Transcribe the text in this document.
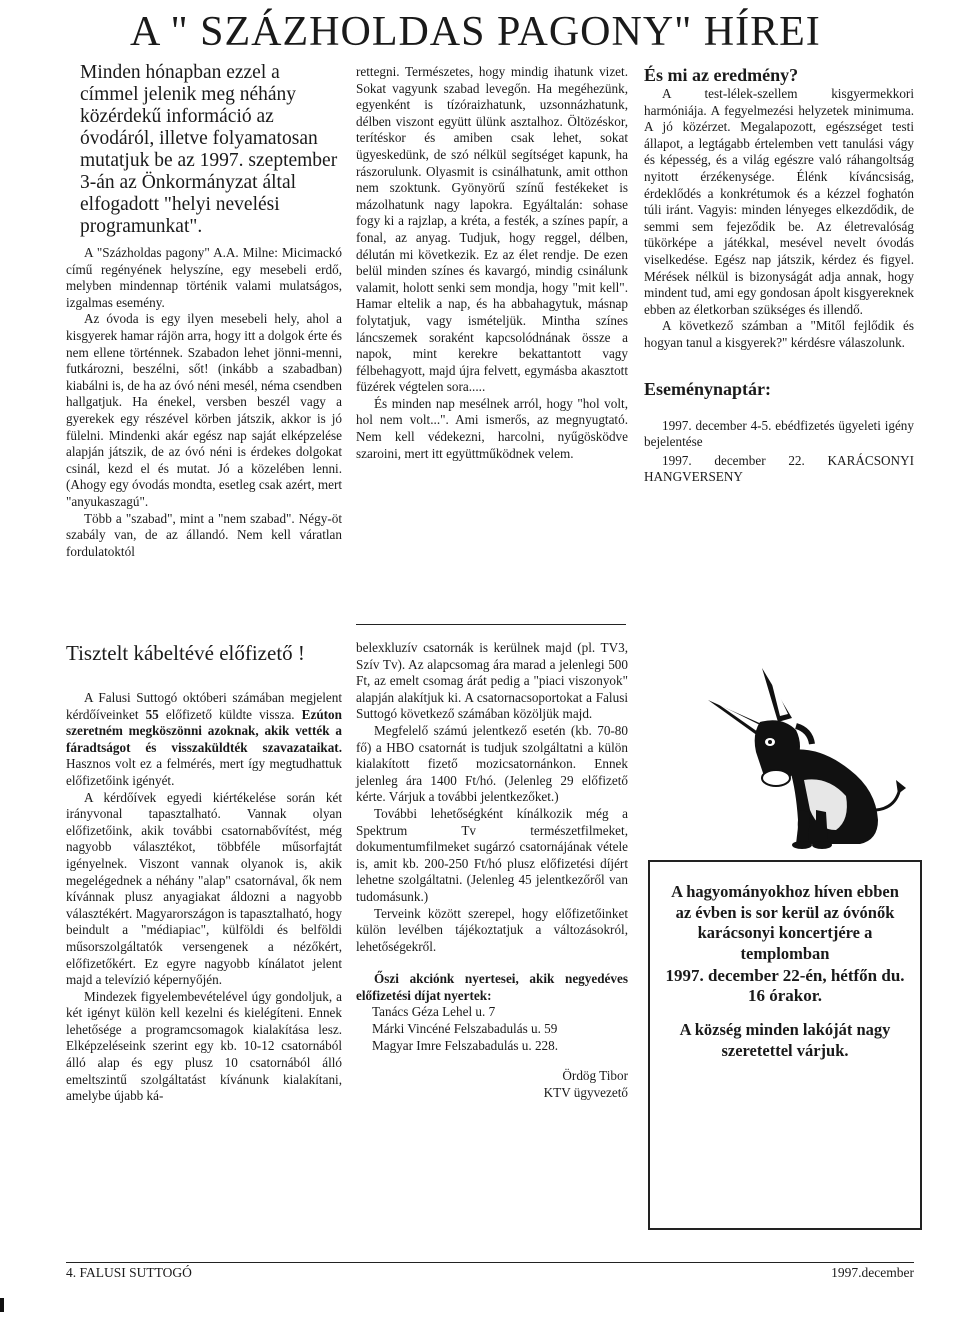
A " SZÁZHOLDAS PAGONY" HÍREI
Minden hónapban ezzel a címmel jelenik meg néhány közérdekű információ az óvodáról, illetve folyamatosan mutatjuk be az 1997. szeptember 3-án az Önkormányzat által elfogadott "helyi nevelési programunkat".

A "Százholdas pagony" A.A. Milne: Micimackó című regényének helyszíne, egy mesebeli erdő, melyben mindennap történik valami mulatságos, izgalmas esemény.

Az óvoda is egy ilyen mesebeli hely, ahol a kisgyerek hamar rájön arra, hogy itt a dolgok érte és nem ellene történnek. Szabadon lehet jönni-menni, futkározni, beszélni, sőt! (inkább a szabadban) kiabálni is, de ha az óvó néni mesél, néma csendben hallgatjuk. Ha énekel, versben beszél vagy a gyerekek egy részével körben játszik, akkor is jó fülelni. Mindenki akár egész nap saját elképzelése alapján játszik, de az óvó néni is érdekes dolgokat csinál, kezd el és mutat. Jó a közelében lenni. (Ahogy egy óvodás mondta, esetleg csak azért, mert "anyukaszagú".

Több a "szabad", mint a "nem szabad". Négy-öt szabály van, de az állandó. Nem kell váratlan fordulatoktól

rettegni. Természetes, hogy mindig ihatunk vizet. Sokat vagyunk szabad levegőn. Ha megéhezünk, egyenként is tízóraizhatunk, uzsonnázhatunk, délben viszont együtt ülünk asztalhoz. Öltözéskor, terítéskor és amiben csak lehet, sokat ügyeskedünk, de szó nélkül segítséget kapunk, ha rászorulunk. Olyasmit is csinálhatunk, amit otthon nem szoktunk. Gyönyörű színű festékeket is mázolhatunk nagy lapokra. Egyáltalán: sohase fogy ki a rajzlap, a kréta, a festék, a színes papír, a fonal, az anyag. Tudjuk, hogy reggel, délben, délután mi következik. Ez az élet rendje. De ezen belül minden színes és kavargó, mindig csinálunk valamit, holott senki sem mondja, hogy "mit kell". Hamar eltelik a nap, és ha abbahagytuk, másnap folytatjuk, vagy ismételjük. Mintha színes láncszemek soraként kapcsolódnának össze a napok, mint kerekre bekattantott vagy félbehagyott, majd újra felvett, egymásba akasztott füzérek végtelen sora.....

És minden nap mesélnek arról, hogy "hol volt, hol nem volt...". Ami ismerős, az megnyugtató. Nem kell védekezni, harcolni, nyűgösködve szaroini, mert itt együttműködnek velem.

És mi az eredmény?

A test-lélek-szellem kisgyermekkori harmóniája. A fegyelmezési helyzetek minimuma. A jó közérzet. Megalapozott, egészséget testi állapot, a legtágabb értelemben vett tanulási vágy és képesség, és a világ egészre való ráhangoltság nyitott érzékenysége. Élénk kíváncsiság, érdeklődés a konkrétumok és a kézzel foghatón túli iránt. Vagyis: minden lényeges elkezdődik, de semmi sem fejeződik be. Az életrevalóság tükörképe a játékkal, mesével nevelt óvodás viselkedése. Egész nap játszik, kérdez és figyel. Mérések nélkül is bizonyságát adja annak, hogy mindent tud, ami egy gondosan ápolt kisgyereknek ebben az életkorban szükséges és illendő.

A következő számban a "Mitől fejlődik és hogyan tanul a kisgyerek?" kérdésre válaszolunk.

Eseménynaptár:

1997. december 4-5. ebédfizetés ügyeleti igény bejelentése

1997. december 22. KARÁCSONYI HANGVERSENY

Tisztelt kábeltévé előfizető !

A Falusi Suttogó októberi számában megjelent kérdőíveinket 55 előfizető küldte vissza. Ezúton szeretném megköszönni azoknak, akik vették a fáradtságot és visszaküldték szavazataikat. Hasznos volt ez a felmérés, mert így megtudhattuk előfizetőink igényét.

A kérdőívek egyedi kiértékelése során két irányvonal tapasztalható. Vannak olyan előfizetőink, akik további csatornabővítést, még nagyobb választékot, többféle műsorfajtát igényelnek. Viszont vannak olyanok is, akik megelégednek a néhány "alap" csatornával, ők nem kívánnak plusz anyagiakat áldozni a nagyobb választékért. Magyarországon is tapasztalható, hogy beindult a "médiapiac", külföldi és belföldi műsorszolgáltatók versengenek a nézőkért, előfizetőkért. Ez egyre nagyobb kínálatot jelent majd a televízió képernyőjén.

Mindezek figyelembevételével úgy gondoljuk, a két igényt külön kell kezelni és kielégíteni. Ennek lehetősége a programcsomagok kialakítása lesz. Elképzeléseink szerint egy kb. 10-12 csatornából álló alap és egy plusz 10 csatornából álló emeltszintű szolgáltatást kívánunk kialakítani, amelybe újabb ká-

belexkluzív csatornák is kerülnek majd (pl. TV3, Szív Tv). Az alapcsomag ára marad a jelenlegi 500 Ft, az emelt csomag árát pedig a "piaci viszonyok" alapján alakítjuk ki. A csatornacsoportokat a Falusi Suttogó következő számában közöljük majd.

Megfelelő számú jelentkező esetén (kb. 70-80 fő) a HBO csatornát is tudjuk szolgáltatni a külön kialakított fizető mozicsatornánkon. Ennek jelenleg ára 1400 Ft/hó. (Jelenleg 29 előfizető kérte. Várjuk a további jelentkezőket.)

További lehetőségként kínálkozik még a Spektrum Tv természetfilmeket, dokumentumfilmeket sugárzó csatornájának vétele is, amit kb. 200-250 Ft/hó plusz előfizetési díjért lehetne szolgáltatni. (Jelenleg 45 jelentkezőről van tudomásunk.)

Terveink között szerepel, hogy előfizetőinket külön levélben tájékoztatjuk a változásokról, lehetőségekről.

Őszi akciónk nyertesei, akik negyedéves előfizetési díjat nyertek:

Tanács Géza Lehel u. 7

Márki Vincéné Felszabadulás u. 59

Magyar Imre Felszabadulás u. 228.

Ördög Tibor

KTV ügyvezető

A hagyományokhoz híven ebben az évben is sor kerül az óvónők karácsonyi koncertjére a templomban

1997. december 22-én, hétfőn du. 16 órakor.

A község minden lakóját nagy szeretettel várjuk.

4. FALUSI SUTTOGÓ	1997.december
